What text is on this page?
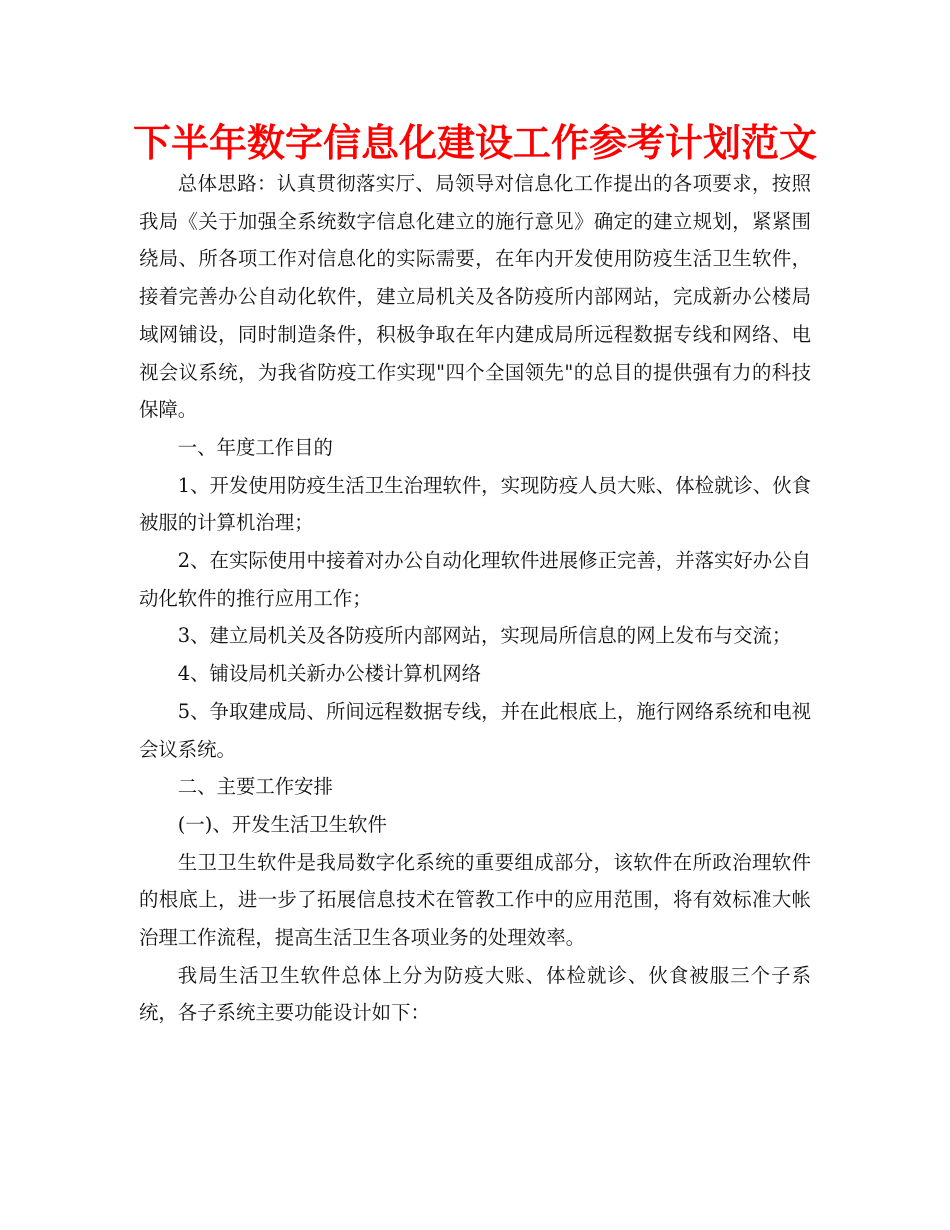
下半年数字信息化建设工作参考计划范文

总体思路：认真贯彻落实厅、局领导对信息化工作提出的各项要求，按照我局《关于加强全系统数字信息化建立的施行意见》确定的建立规划，紧紧围绕局、所各项工作对信息化的实际需要，在年内开发使用防疫生活卫生软件，接着完善办公自动化软件，建立局机关及各防疫所内部网站，完成新办公楼局域网铺设，同时制造条件，积极争取在年内建成局所远程数据专线和网络、电视会议系统，为我省防疫工作实现"四个全国领先"的总目的提供强有力的科技保障。

一、年度工作目的

1、开发使用防疫生活卫生治理软件，实现防疫人员大账、体检就诊、伙食被服的计算机治理；

2、在实际使用中接着对办公自动化理软件进展修正完善，并落实好办公自动化软件的推行应用工作；

3、建立局机关及各防疫所内部网站，实现局所信息的网上发布与交流；

4、铺设局机关新办公楼计算机网络

5、争取建成局、所间远程数据专线，并在此根底上，施行网络系统和电视会议系统。

二、主要工作安排

(一)、开发生活卫生软件

生卫卫生软件是我局数字化系统的重要组成部分，该软件在所政治理软件的根底上，进一步了拓展信息技术在管教工作中的应用范围，将有效标准大帐治理工作流程，提高生活卫生各项业务的处理效率。

我局生活卫生软件总体上分为防疫大账、体检就诊、伙食被服三个子系统，各子系统主要功能设计如下：
